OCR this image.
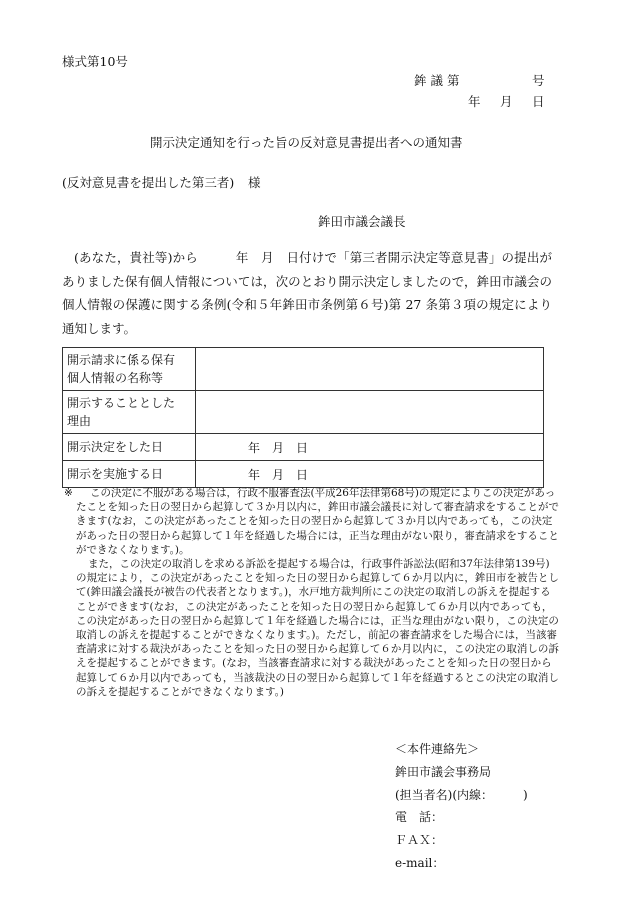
様式第10号
鉾 議 第	号
年 月 日
開示決定通知を行った旨の反対意見書提出者への通知書
(反対意見書を提出した第三者) 様
鉾田市議会議長
(あなた，貴社等)から　　　年　月　日付けで「第三者開示決定等意見書」の提出がありました保有個人情報については，次のとおり開示決定しましたので，鉾田市議会の個人情報の保護に関する条例(令和５年鉾田市条例第６号)第 27 条第３項の規定により通知します。
開示請求に係る保有
個人情報の名称等	

開示することとした
理由	

開示決定をした日	年　月　日
開示を実施する日	年　月　日

※ この決定に不服がある場合は，行政不服審査法(平成26年法律第68号)の規定によりこの決定があったことを知った日の翌日から起算して３か月以内に，鉾田市議会議長に対して審査請求をすることができます(なお，この決定があったことを知った日の翌日から起算して３か月以内であっても，この決定があった日の翌日から起算して１年を経過した場合には，正当な理由がない限り，審査請求をすることができなくなります。)。

また，この決定の取消しを求める訴訟を提起する場合は，行政事件訴訟法(昭和37年法律第139号)の規定により，この決定があったことを知った日の翌日から起算して６か月以内に，鉾田市を被告として(鉾田議会議長が被告の代表者となります。)，水戸地方裁判所にこの決定の取消しの訴えを提起することができます(なお，この決定があったことを知った日の翌日から起算して６か月以内であっても，この決定があった日の翌日から起算して１年を経過した場合には，正当な理由がない限り，この決定の取消しの訴えを提起することができなくなります。)。ただし，前記の審査請求をした場合には，当該審査請求に対する裁決があったことを知った日の翌日から起算して６か月以内に，この決定の取消しの訴えを提起することができます。(なお，当該審査請求に対する裁決があったことを知った日の翌日から起算して６か月以内であっても，当該裁決の日の翌日から起算して１年を経過するとこの決定の取消しの訴えを提起することができなくなります。)

＜本件連絡先＞
鉾田市議会事務局
(担当者名)(内線：　　　)
電　話：
ＦＡＸ：
e-mail：
